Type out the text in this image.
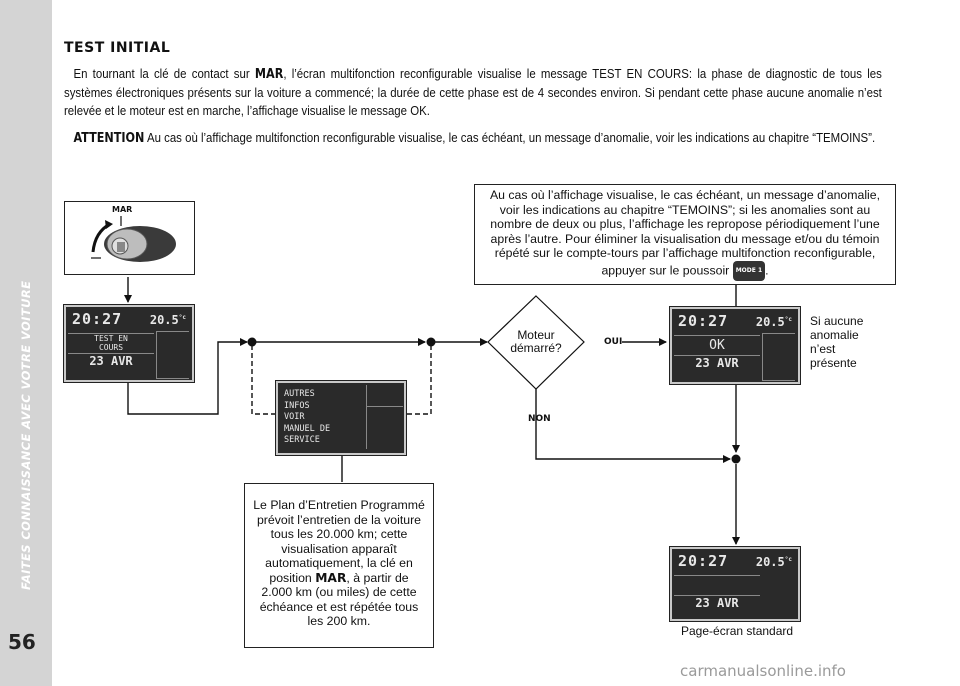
FAITES CONNAISSANCE AVEC VOTRE VOITURE
56
TEST INITIAL
En tournant la clé de contact sur MAR, l’écran multifonction reconfigurable visualise le message TEST EN COURS: la phase de diagnostic de tous les systèmes électroniques présents sur la voiture a commencé; la durée de cette phase est de 4 secondes environ. Si pendant cette phase aucune anomalie n’est relevée et le moteur est en marche, l’affichage visualise le message OK.
ATTENTION Au cas où l’affichage multifonction reconfigurable visualise, le cas échéant, un message d’anomalie, voir les indications au chapitre “TEMOINS”.
MAR
20:27 $20.5^{^\circ c}$
TEST EN
COURS
23 AVR
AUTRES
INFOS
VOIR
MANUEL DE
SERVICE
Moteur
démarré?	OUI
NON
Au cas où l’affichage visualise, le cas échéant, un message d’anomalie, voir les indications au chapitre “TEMOINS”; si les anomalies sont au nombre de deux ou plus, l’affichage les repropose périodiquement l’une après l’autre. Pour éliminer la visualisation du message et/ou du témoin répété sur le compte-tours par l’affichage multifonction reconfigurable, appuyer sur le poussoir MODE 1 .
20:27 $20.5^{^\circ c}$
OK
23 AVR
Si aucune
anomalie
n’est
présente
Le Plan d’Entretien Programmé prévoit l’entretien de la voiture tous les 20.000 km; cette visualisation apparaît automatiquement, la clé en position MAR, à partir de 2.000 km (ou miles) de cette échéance et est répétée tous les 200 km.
20:27 $20.5^{^\circ c}$
23 AVR
Page-écran standard
carmanualsonline.info
